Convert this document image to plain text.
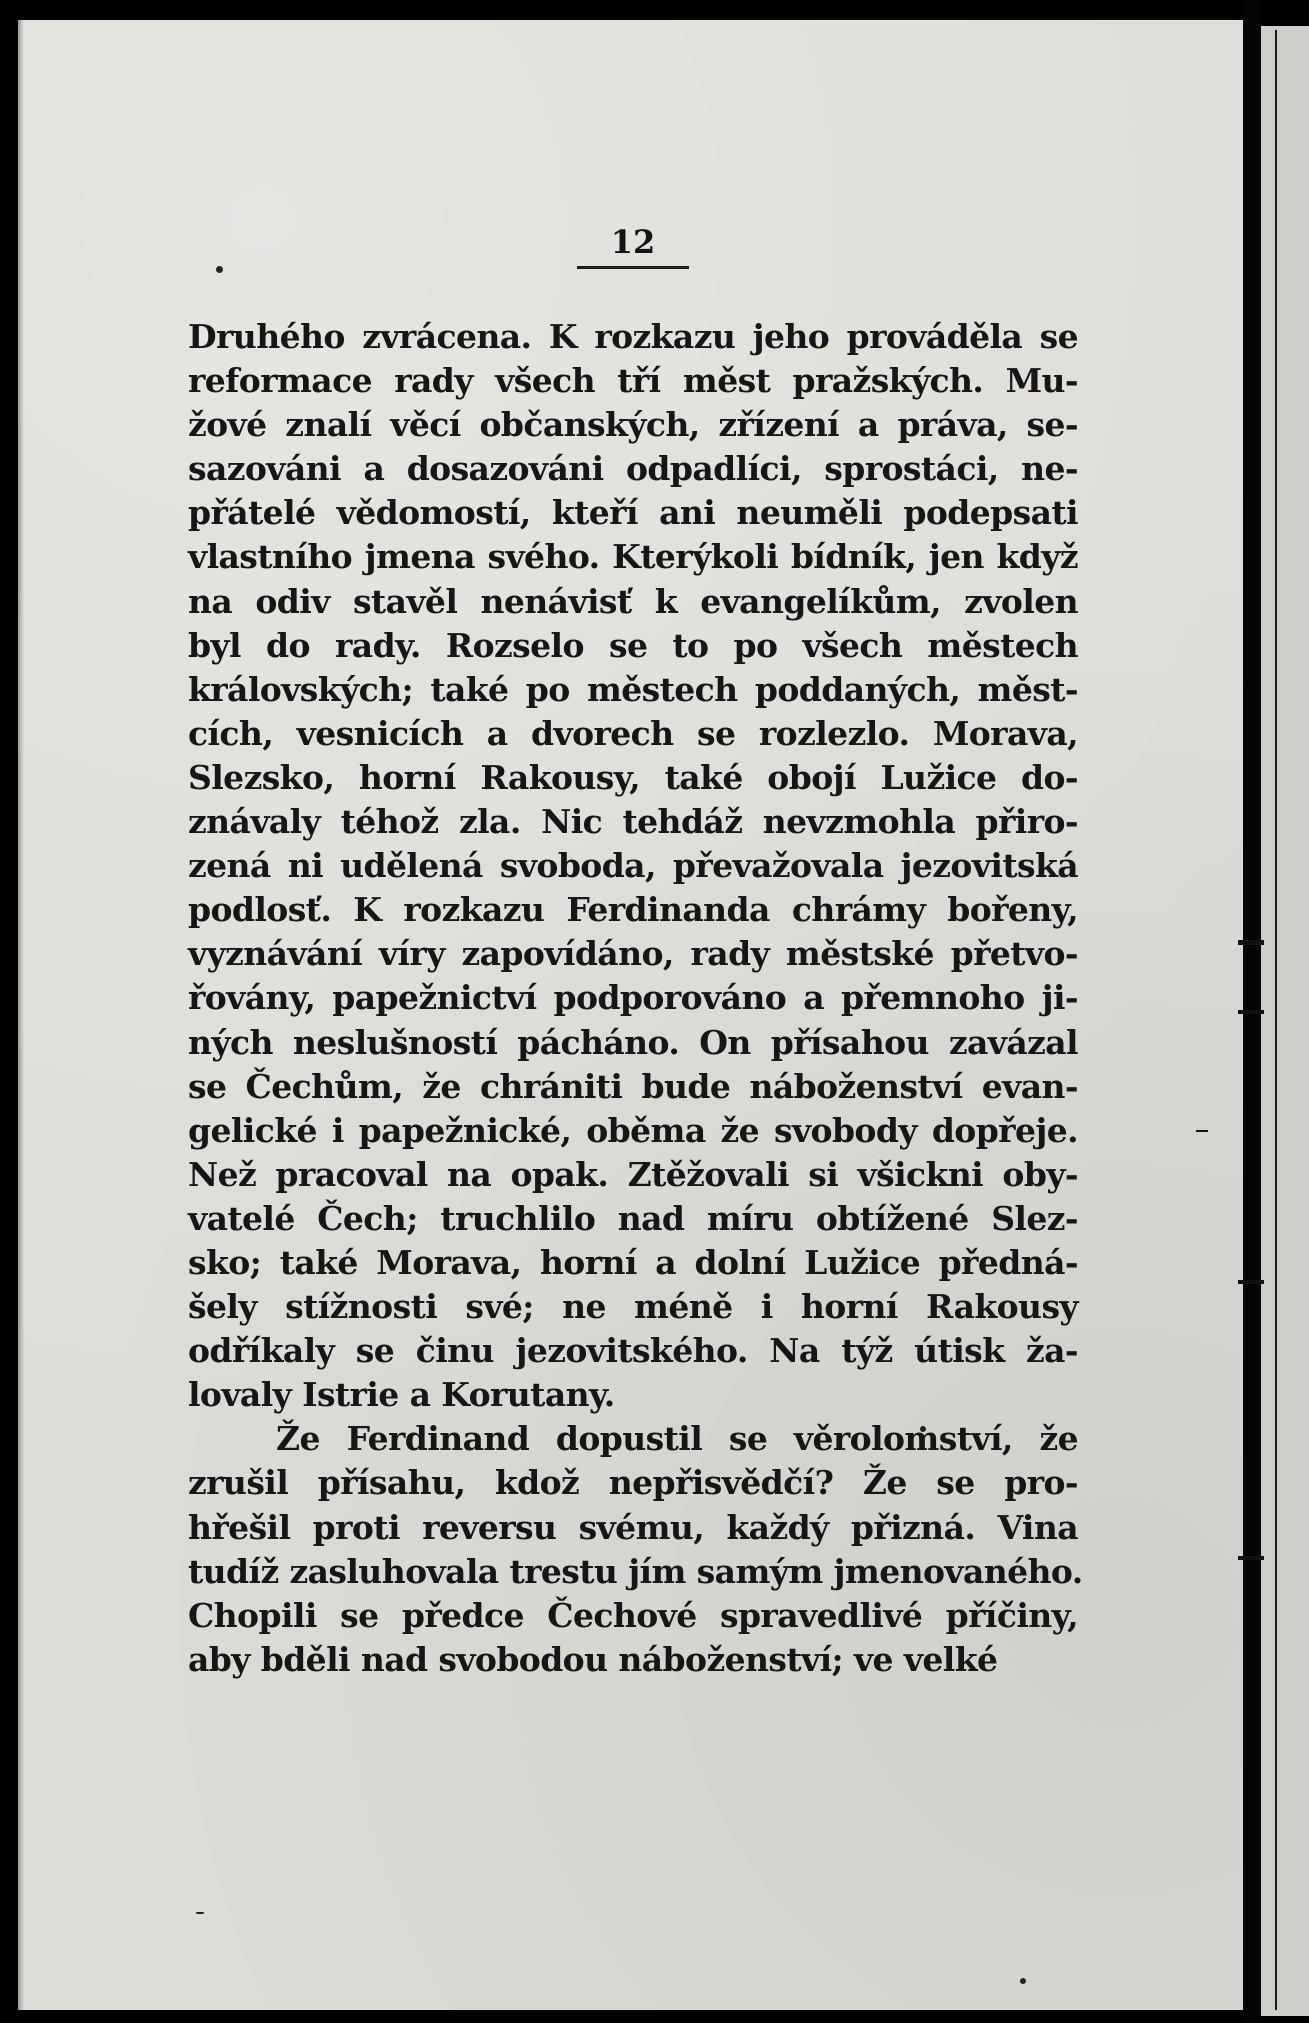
12
Druhého zvrácena. K rozkazu jeho prováděla se
reformace rady všech tří měst pražských. Mu-
žové znalí věcí občanských, zřízení a práva, se-
sazováni a dosazováni odpadlíci, sprostáci, ne-
přátelé vědomostí, kteří ani neuměli podepsati
vlastního jmena svého. Kterýkoli bídník, jen když
na odiv stavěl nenávisť k evangelíkům, zvolen
byl do rady. Rozselo se to po všech městech
královských; také po městech poddaných, měst-
cích, vesnicích a dvorech se rozlezlo. Morava,
Slezsko, horní Rakousy, také obojí Lužice do-
znávaly téhož zla. Nic tehdáž nevzmohla přiro-
zená ni udělená svoboda, převažovala jezovitská
podlosť. K rozkazu Ferdinanda chrámy bořeny,
vyznávání víry zapovídáno, rady městské přetvo-
řovány, papežnictví podporováno a přemnoho ji-
ných neslušností pácháno. On přísahou zavázal
se Čechům, že chrániti bude náboženství evan-
gelické i papežnické, oběma že svobody dopřeje.
Než pracoval na opak. Ztěžovali si všickni oby-
vatelé Čech; truchlilo nad míru obtížené Slez-
sko; také Morava, horní a dolní Lužice předná-
šely stížnosti své; ne méně i horní Rakousy
odříkaly se činu jezovitského. Na týž útisk ža-
lovaly Istrie a Korutany.
Že Ferdinand dopustil se věrolomství, že
zrušil přísahu, kdož nepřisvědčí? Že se pro-
hřešil proti reversu svému, každý přizná. Vina
tudíž zasluhovala trestu jím samým jmenovaného.
Chopili se předce Čechové spravedlivé příčiny,
aby bděli nad svobodou náboženství; ve velké
